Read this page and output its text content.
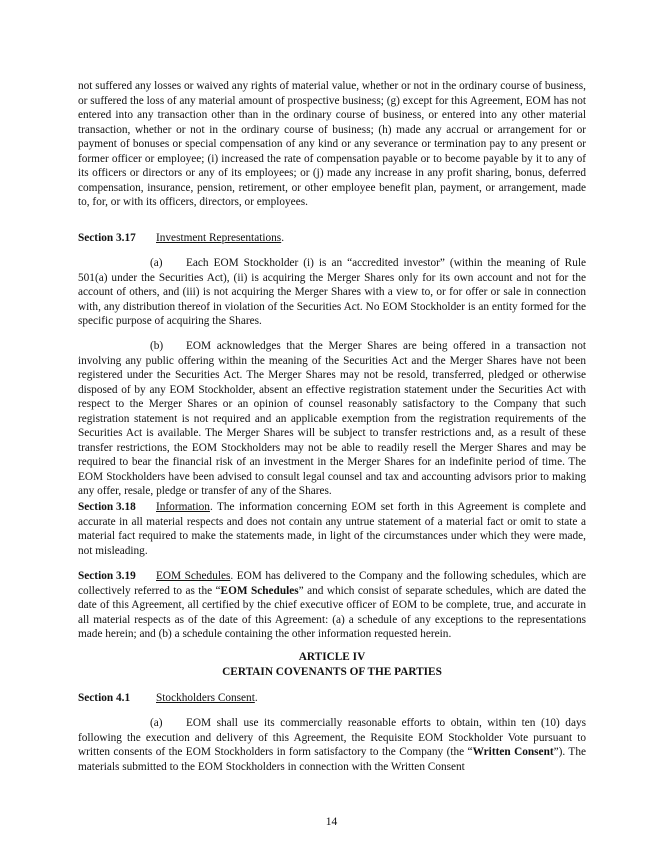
not suffered any losses or waived any rights of material value, whether or not in the ordinary course of business, or suffered the loss of any material amount of prospective business; (g) except for this Agreement, EOM has not entered into any transaction other than in the ordinary course of business, or entered into any other material transaction, whether or not in the ordinary course of business; (h) made any accrual or arrangement for or payment of bonuses or special compensation of any kind or any severance or termination pay to any present or former officer or employee; (i) increased the rate of compensation payable or to become payable by it to any of its officers or directors or any of its employees; or (j) made any increase in any profit sharing, bonus, deferred compensation, insurance, pension, retirement, or other employee benefit plan, payment, or arrangement, made to, for, or with its officers, directors, or employees.
Section 3.17 Investment Representations.
(a) Each EOM Stockholder (i) is an “accredited investor” (within the meaning of Rule 501(a) under the Securities Act), (ii) is acquiring the Merger Shares only for its own account and not for the account of others, and (iii) is not acquiring the Merger Shares with a view to, or for offer or sale in connection with, any distribution thereof in violation of the Securities Act. No EOM Stockholder is an entity formed for the specific purpose of acquiring the Shares.
(b) EOM acknowledges that the Merger Shares are being offered in a transaction not involving any public offering within the meaning of the Securities Act and the Merger Shares have not been registered under the Securities Act. The Merger Shares may not be resold, transferred, pledged or otherwise disposed of by any EOM Stockholder, absent an effective registration statement under the Securities Act with respect to the Merger Shares or an opinion of counsel reasonably satisfactory to the Company that such registration statement is not required and an applicable exemption from the registration requirements of the Securities Act is available. The Merger Shares will be subject to transfer restrictions and, as a result of these transfer restrictions, the EOM Stockholders may not be able to readily resell the Merger Shares and may be required to bear the financial risk of an investment in the Merger Shares for an indefinite period of time. The EOM Stockholders have been advised to consult legal counsel and tax and accounting advisors prior to making any offer, resale, pledge or transfer of any of the Shares.
Section 3.18 Information. The information concerning EOM set forth in this Agreement is complete and accurate in all material respects and does not contain any untrue statement of a material fact or omit to state a material fact required to make the statements made, in light of the circumstances under which they were made, not misleading.
Section 3.19 EOM Schedules. EOM has delivered to the Company and the following schedules, which are collectively referred to as the “EOM Schedules” and which consist of separate schedules, which are dated the date of this Agreement, all certified by the chief executive officer of EOM to be complete, true, and accurate in all material respects as of the date of this Agreement: (a) a schedule of any exceptions to the representations made herein; and (b) a schedule containing the other information requested herein.
ARTICLE IV
CERTAIN COVENANTS OF THE PARTIES
Section 4.1 Stockholders Consent.
(a) EOM shall use its commercially reasonable efforts to obtain, within ten (10) days following the execution and delivery of this Agreement, the Requisite EOM Stockholder Vote pursuant to written consents of the EOM Stockholders in form satisfactory to the Company (the “Written Consent”). The materials submitted to the EOM Stockholders in connection with the Written Consent
14
